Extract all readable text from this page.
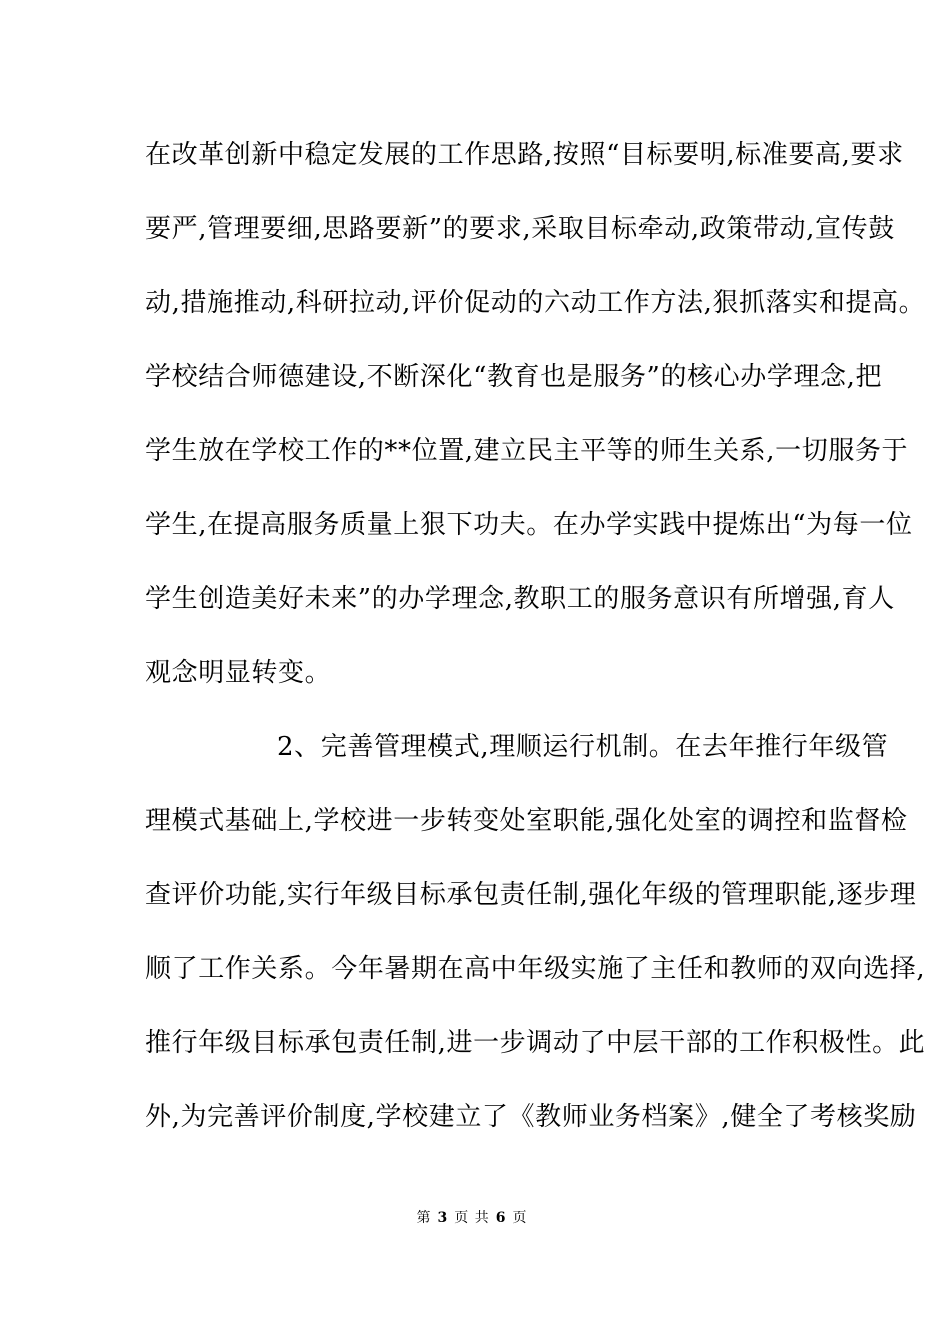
在改革创新中稳定发展的工作思路,按照“目标要明,标准要高,要求
要严,管理要细,思路要新”的要求,采取目标牵动,政策带动,宣传鼓
动,措施推动,科研拉动,评价促动的六动工作方法,狠抓落实和提高。
学校结合师德建设,不断深化“教育也是服务”的核心办学理念,把
学生放在学校工作的**位置,建立民主平等的师生关系,一切服务于
学生,在提高服务质量上狠下功夫。在办学实践中提炼出“为每一位
学生创造美好未来”的办学理念,教职工的服务意识有所增强,育人
观念明显转变。
2、完善管理模式,理顺运行机制。在去年推行年级管
理模式基础上,学校进一步转变处室职能,强化处室的调控和监督检
查评价功能,实行年级目标承包责任制,强化年级的管理职能,逐步理
顺了工作关系。今年暑期在高中年级实施了主任和教师的双向选择,
推行年级目标承包责任制,进一步调动了中层干部的工作积极性。此
外,为完善评价制度,学校建立了《教师业务档案》,健全了考核奖励
第 3 页 共 6 页
